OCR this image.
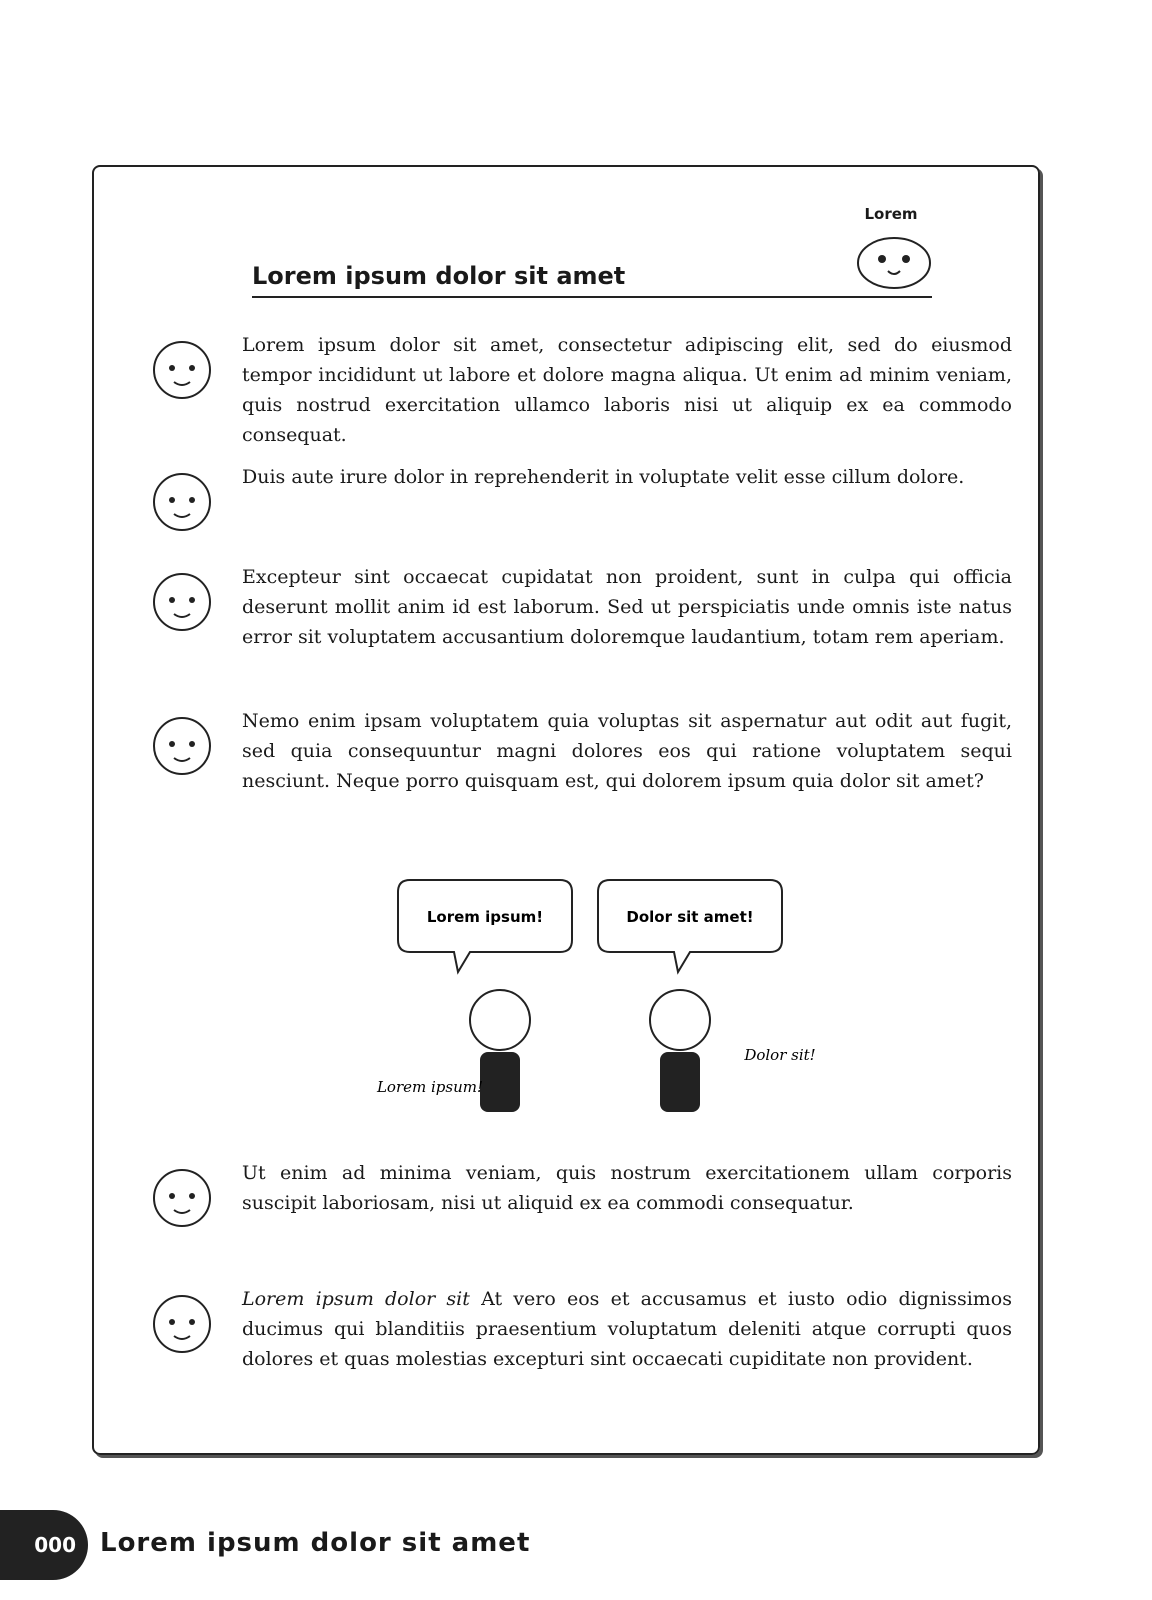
Lorem ipsum dolor sit amet
Lorem
Lorem ipsum dolor sit amet, consectetur adipiscing elit, sed do eiusmod tempor incididunt ut labore et dolore magna aliqua. Ut enim ad minim veniam, quis nostrud exercitation ullamco laboris nisi ut aliquip ex ea commodo consequat.
Duis aute irure dolor in reprehenderit in voluptate velit esse cillum dolore.
Excepteur sint occaecat cupidatat non proident, sunt in culpa qui officia deserunt mollit anim id est laborum. Sed ut perspiciatis unde omnis iste natus error sit voluptatem accusantium doloremque laudantium, totam rem aperiam.
Nemo enim ipsam voluptatem quia voluptas sit aspernatur aut odit aut fugit, sed quia consequuntur magni dolores eos qui ratione voluptatem sequi nesciunt. Neque porro quisquam est, qui dolorem ipsum quia dolor sit amet?
Lorem ipsum!	Dolor sit amet!
Lorem ipsum!
Dolor sit!
Ut enim ad minima veniam, quis nostrum exercitationem ullam corporis suscipit laboriosam, nisi ut aliquid ex ea commodi consequatur.
Lorem ipsum dolor sit At vero eos et accusamus et iusto odio dignissimos ducimus qui blanditiis praesentium voluptatum deleniti atque corrupti quos dolores et quas molestias excepturi sint occaecati cupiditate non provident.
000 Lorem ipsum dolor sit amet
